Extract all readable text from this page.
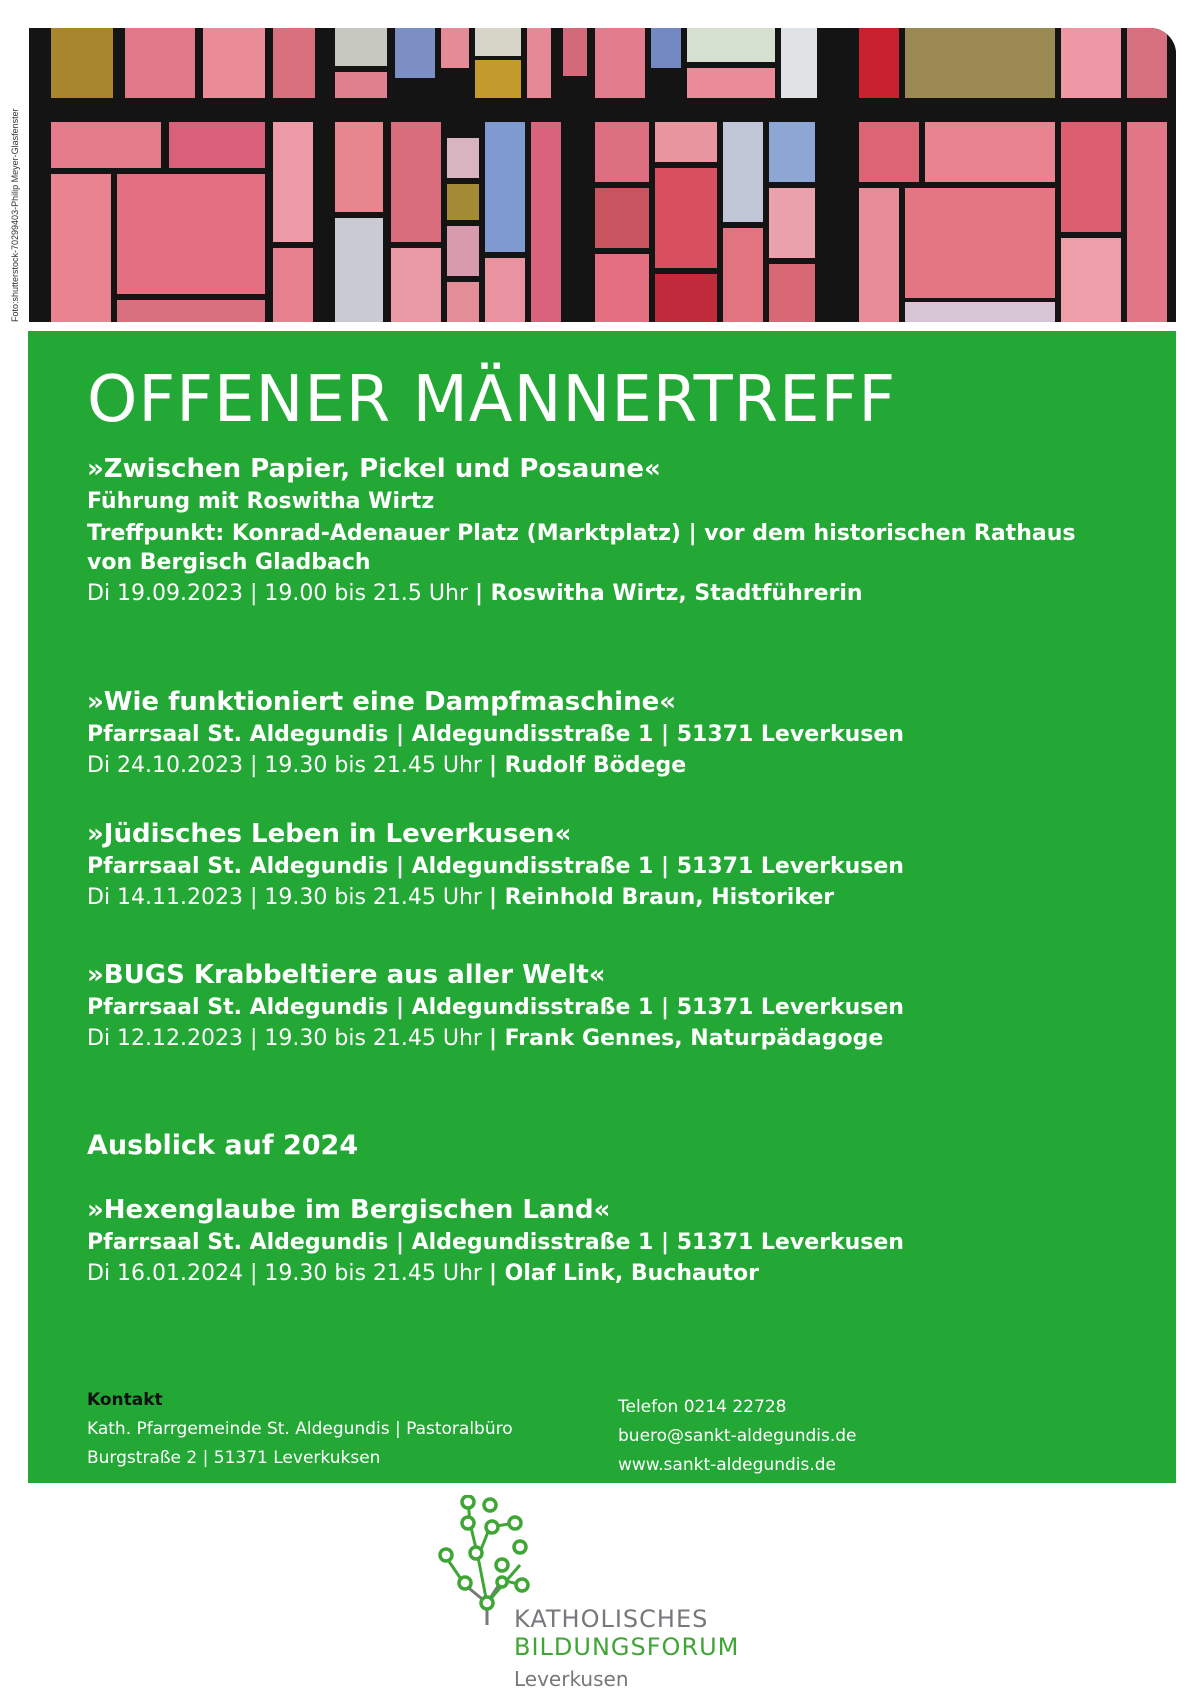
Foto:shutterstock-70299403-Philip Meyer-Glasfenster
OFFENER MÄNNERTREFF
»Zwischen Papier, Pickel und Posaune«
Führung mit Roswitha Wirtz
Treffpunkt: Konrad-Adenauer Platz (Marktplatz) | vor dem historischen Rathaus von Bergisch Gladbach
Di 19.09.2023 | 19.00 bis 21.5 Uhr | Roswitha Wirtz, Stadtführerin
»Wie funktioniert eine Dampfmaschine«
Pfarrsaal St. Aldegundis | Aldegundisstraße 1 | 51371 Leverkusen
Di 24.10.2023 | 19.30 bis 21.45 Uhr | Rudolf Bödege
»Jüdisches Leben in Leverkusen«
Pfarrsaal St. Aldegundis | Aldegundisstraße 1 | 51371 Leverkusen
Di 14.11.2023 | 19.30 bis 21.45 Uhr | Reinhold Braun, Historiker
»BUGS Krabbeltiere aus aller Welt«
Pfarrsaal St. Aldegundis | Aldegundisstraße 1 | 51371 Leverkusen
Di 12.12.2023 | 19.30 bis 21.45 Uhr | Frank Gennes, Naturpädagoge
Ausblick auf 2024
»Hexenglaube im Bergischen Land«
Pfarrsaal St. Aldegundis | Aldegundisstraße 1 | 51371 Leverkusen
Di 16.01.2024 | 19.30 bis 21.45 Uhr | Olaf Link, Buchautor
Kontakt
Kath. Pfarrgemeinde St. Aldegundis | Pastoralbüro
Burgstraße 2 | 51371 Leverkuksen
Telefon 0214 22728
buero@sankt-aldegundis.de
www.sankt-aldegundis.de
KATHOLISCHES
BILDUNGSFORUM
Leverkusen
